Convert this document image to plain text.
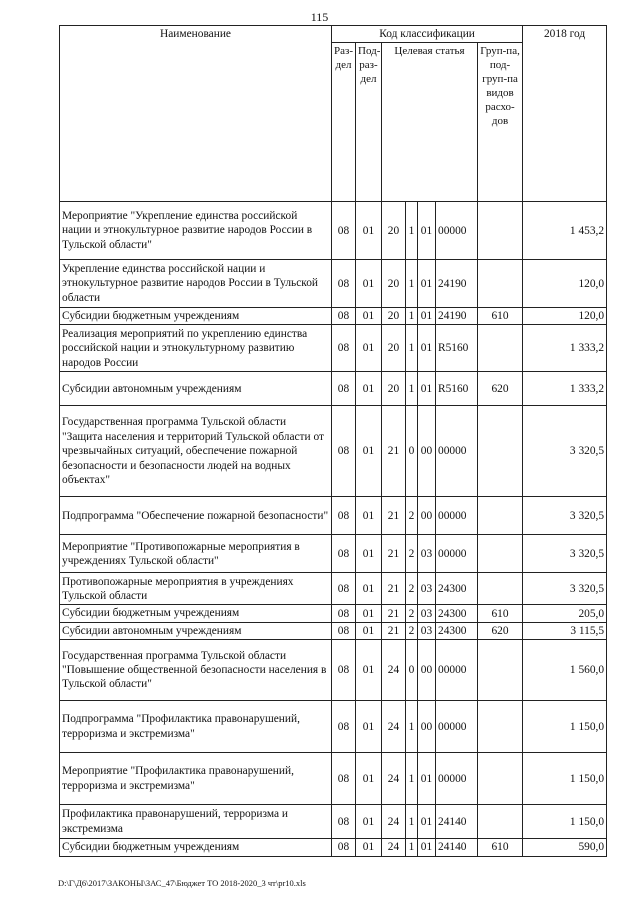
115
Наименование	Код классификации							2018 год
	Раз-дел	Под-раз-дел	Целевая статья				Груп-па, под-груп-па видов расхо-дов	
Мероприятие "Укрепление единства российской нации и этнокультурное развитие народов России в Тульской области"	08	01	20	1	01	00000		1 453,2
Укрепление единства российской нации и этнокультурное развитие народов России в Тульской области	08	01	20	1	01	24190		120,0
Субсидии бюджетным учреждениям	08	01	20	1	01	24190	610	120,0
Реализация мероприятий по укреплению единства российской нации и этнокультурному развитию народов России	08	01	20	1	01	R5160		1 333,2
Субсидии автономным учреждениям	08	01	20	1	01	R5160	620	1 333,2
Государственная программа Тульской области "Защита населения и территорий Тульской области от чрезвычайных ситуаций, обеспечение пожарной безопасности и безопасности людей на водных объектах"	08	01	21	0	00	00000		3 320,5
Подпрограмма "Обеспечение пожарной безопасности"	08	01	21	2	00	00000		3 320,5
Мероприятие "Противопожарные мероприятия в учреждениях Тульской области"	08	01	21	2	03	00000		3 320,5
Противопожарные мероприятия в учреждениях Тульской области	08	01	21	2	03	24300		3 320,5
Субсидии бюджетным учреждениям	08	01	21	2	03	24300	610	205,0
Субсидии автономным учреждениям	08	01	21	2	03	24300	620	3 115,5
Государственная программа Тульской области "Повышение общественной безопасности населения в Тульской области"	08	01	24	0	00	00000		1 560,0
Подпрограмма "Профилактика правонарушений, терроризма и экстремизма"	08	01	24	1	00	00000		1 150,0
Мероприятие "Профилактика правонарушений, терроризма и экстремизма"	08	01	24	1	01	00000		1 150,0
Профилактика правонарушений, терроризма и экстремизма	08	01	24	1	01	24140		1 150,0
Субсидии бюджетным учреждениям	08	01	24	1	01	24140	610	590,0
D:\Г\Д6\2017\ЗАКОНЫ\ЗАС_47\Бюджет ТО 2018-2020_3 чт\pr10.xls
